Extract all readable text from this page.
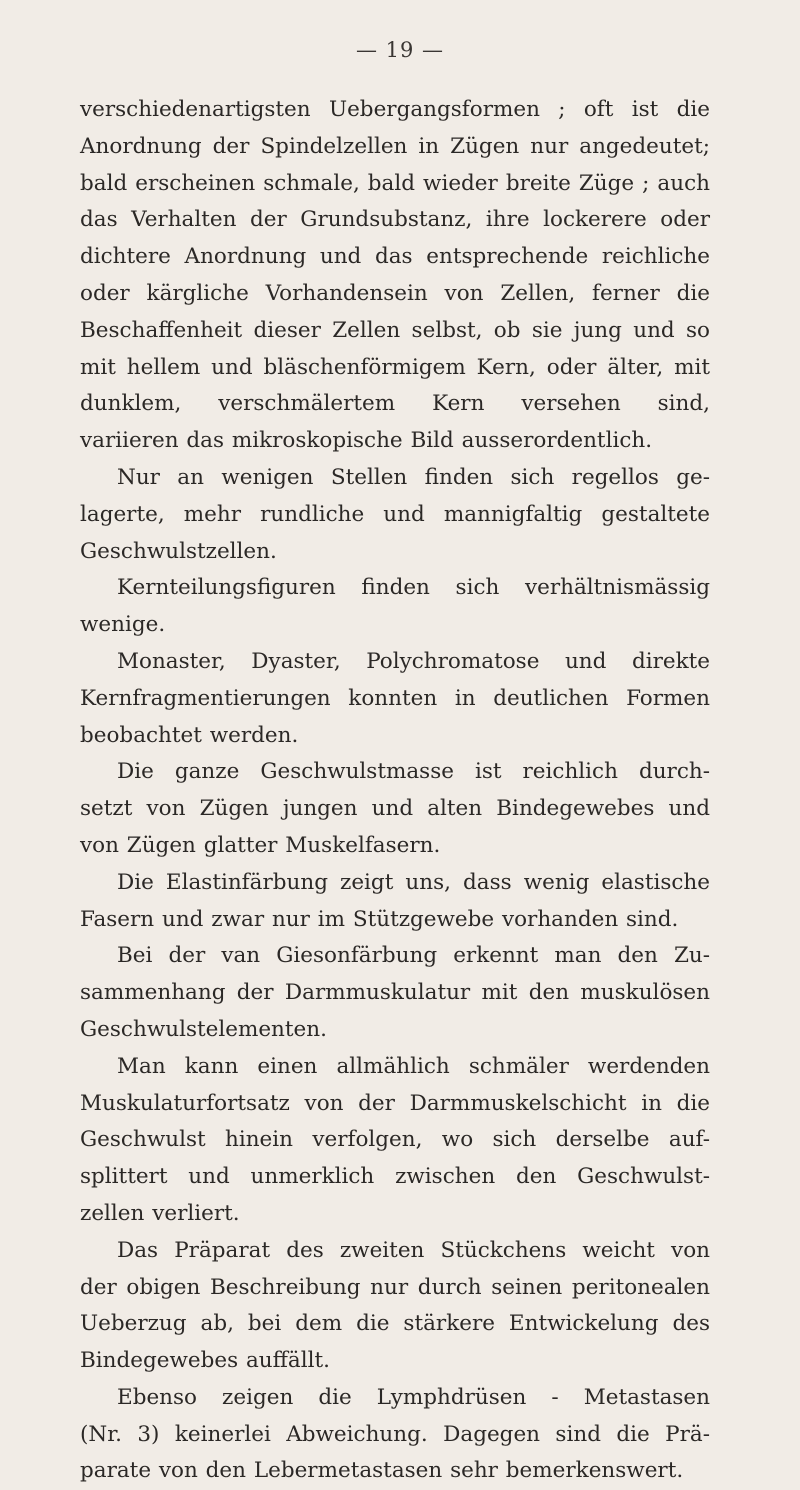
— 19 —
verschiedenartigsten Uebergangsformen ; oft ist die
Anordnung der Spindelzellen in Zügen nur angedeutet;
bald erscheinen schmale, bald wieder breite Züge ; auch
das Verhalten der Grundsubstanz, ihre lockerere oder
dichtere Anordnung und das entsprechende reichliche
oder kärgliche Vorhandensein von Zellen, ferner die
Beschaffenheit dieser Zellen selbst, ob sie jung und so
mit hellem und bläschenförmigem Kern, oder älter, mit
dunklem, verschmälertem Kern versehen sind,
variieren das mikroskopische Bild ausserordentlich.
Nur an wenigen Stellen finden sich regellos ge-
lagerte, mehr rundliche und mannigfaltig gestaltete
Geschwulstzellen.
Kernteilungsfiguren finden sich verhältnismässig
wenige.
Monaster, Dyaster, Polychromatose und direkte
Kernfragmentierungen konnten in deutlichen Formen
beobachtet werden.
Die ganze Geschwulstmasse ist reichlich durch-
setzt von Zügen jungen und alten Bindegewebes und
von Zügen glatter Muskelfasern.
Die Elastinfärbung zeigt uns, dass wenig elastische
Fasern und zwar nur im Stützgewebe vorhanden sind.
Bei der van Giesonfärbung erkennt man den Zu-
sammenhang der Darmmuskulatur mit den muskulösen
Geschwulstelementen.
Man kann einen allmählich schmäler werdenden
Muskulaturfortsatz von der Darmmuskelschicht in die
Geschwulst hinein verfolgen, wo sich derselbe auf-
splittert und unmerklich zwischen den Geschwulst-
zellen verliert.
Das Präparat des zweiten Stückchens weicht von
der obigen Beschreibung nur durch seinen peritonealen
Ueberzug ab, bei dem die stärkere Entwickelung des
Bindegewebes auffällt.
Ebenso zeigen die Lymphdrüsen - Metastasen
(Nr. 3) keinerlei Abweichung. Dagegen sind die Prä-
parate von den Lebermetastasen sehr bemerkenswert.
